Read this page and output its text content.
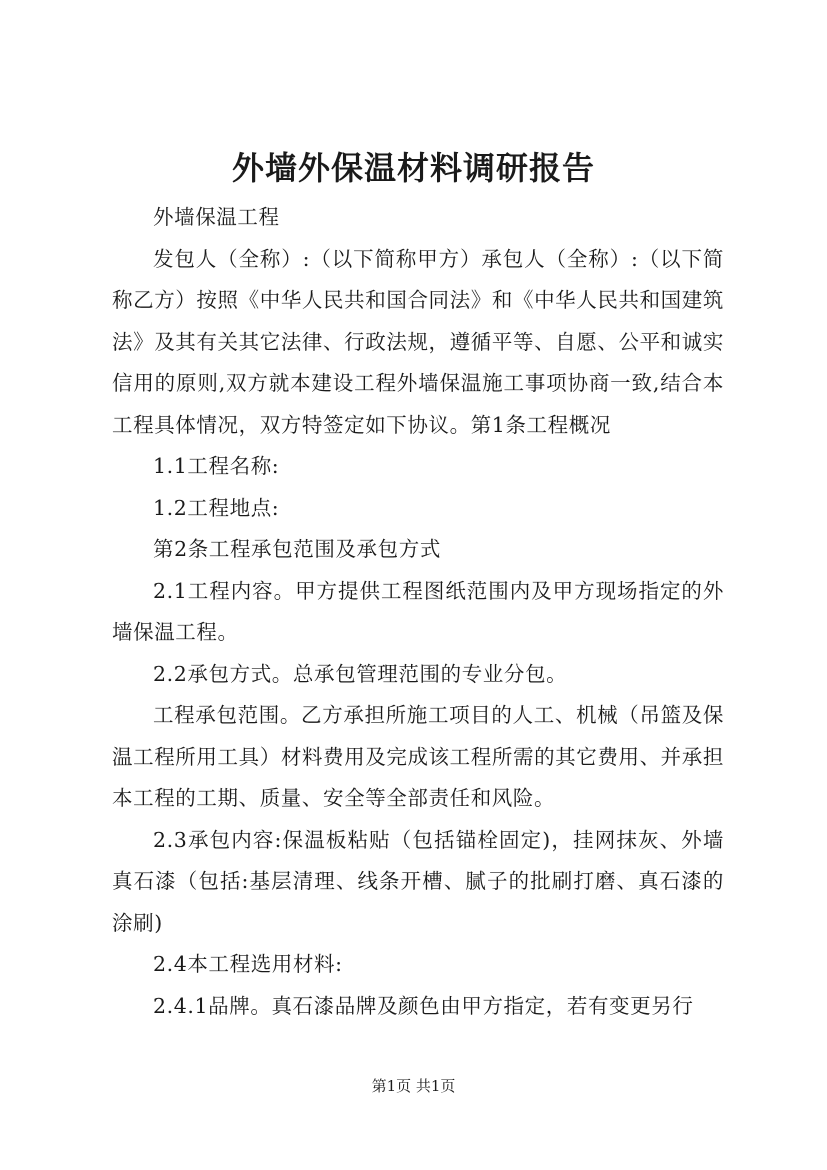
外墙外保温材料调研报告

外墙保温工程

发包人（全称）:（以下简称甲方）承包人（全称）:（以下简称乙方）按照《中华人民共和国合同法》和《中华人民共和国建筑法》及其有关其它法律、行政法规，遵循平等、自愿、公平和诚实信用的原则,双方就本建设工程外墙保温施工事项协商一致,结合本工程具体情况，双方特签定如下协议。第1条工程概况

1.1工程名称:

1.2工程地点:

第2条工程承包范围及承包方式

2.1工程内容。甲方提供工程图纸范围内及甲方现场指定的外墙保温工程。

2.2承包方式。总承包管理范围的专业分包。

工程承包范围。乙方承担所施工项目的人工、机械（吊篮及保温工程所用工具）材料费用及完成该工程所需的其它费用、并承担本工程的工期、质量、安全等全部责任和风险。

2.3承包内容:保温板粘贴（包括锚栓固定)，挂网抹灰、外墙真石漆（包括:基层清理、线条开槽、腻子的批刷打磨、真石漆的涂刷)

2.4本工程选用材料:

2.4.1品牌。真石漆品牌及颜色由甲方指定，若有变更另行

第1页 共1页
